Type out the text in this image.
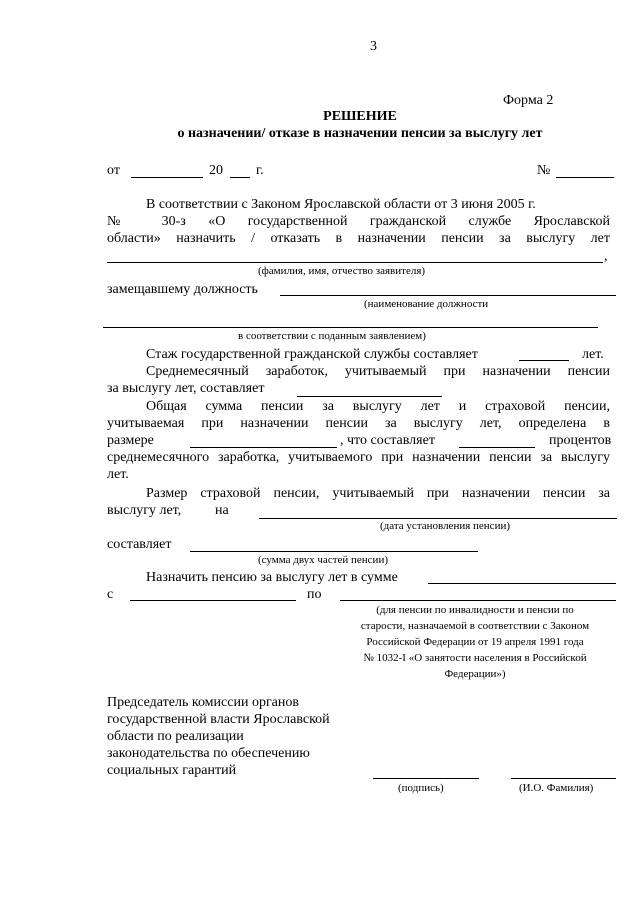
3
Форма 2
РЕШЕНИЕ
о назначении/ отказе в назначении пенсии за выслугу лет
от	20 г.	№
В соответствии с Законом Ярославской области от 3 июня 2005 г.
№ 30-з «О государственной гражданской службе Ярославской
области» назначить / отказать в назначении пенсии за выслугу лет
,
(фамилия, имя, отчество заявителя)
замещавшему должность
(наименование должности
в соответствии с поданным заявлением)
Стаж государственной гражданской службы составляет	лет.
Среднемесячный заработок, учитываемый при назначении пенсии
за выслугу лет, составляет
Общая сумма пенсии за выслугу лет и страховой пенсии,
учитываемая при назначении пенсии за выслугу лет, определена в
размере	, что составляет	процентов
среднемесячного заработка, учитываемого при назначении пенсии за выслугу
лет.
Размер страховой пенсии, учитываемый при назначении пенсии за
выслугу лет, на
(дата установления пенсии)
составляет
(сумма двух частей пенсии)
Назначить пенсию за выслугу лет в сумме
с	по
(для пенсии по инвалидности и пенсии по
старости, назначаемой в соответствии с Законом
Российской Федерации от 19 апреля 1991 года
№ 1032-I «О занятости населения в Российской
Федерации»)
Председатель комиссии органов
государственной власти Ярославской
области по реализации
законодательства по обеспечению
социальных гарантий
(подпись)	(И.О. Фамилия)
